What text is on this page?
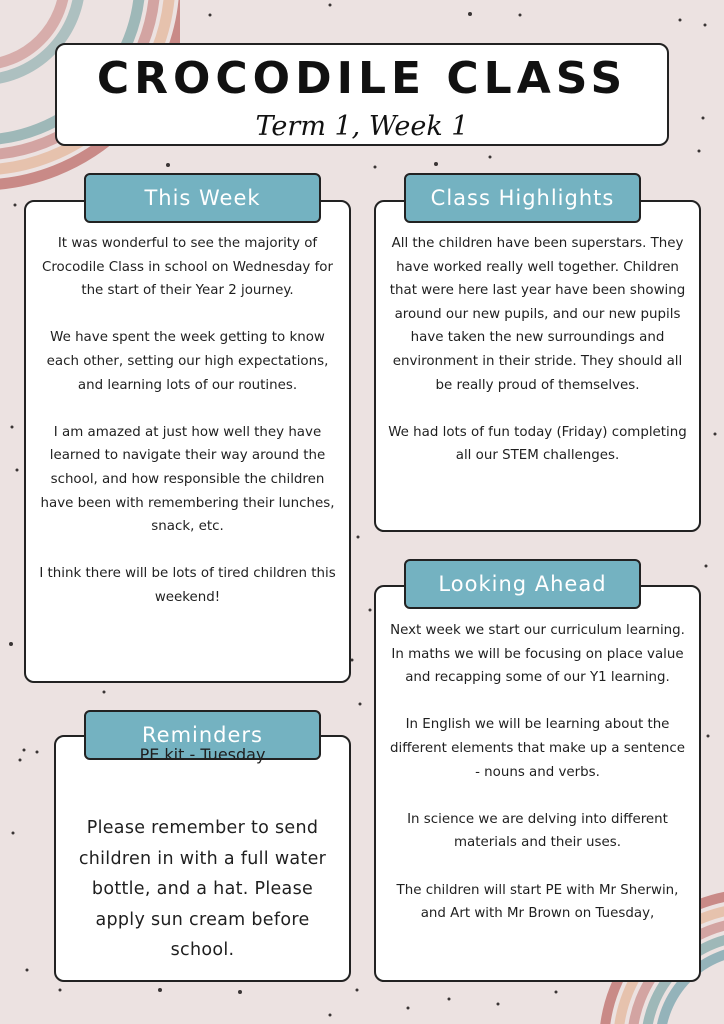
CROCODILE CLASS
Term 1, Week 1

It was wonderful to see the majority of Crocodile Class in school on Wednesday for the start of their Year 2 journey.

We have spent the week getting to know each other, setting our high expectations, and learning lots of our routines.

I am amazed at just how well they have learned to navigate their way around the school, and how responsible the children have been with remembering their lunches, snack, etc.

I think there will be lots of tired children this weekend!

This Week

All the children have been superstars. They have worked really well together. Children that were here last year have been showing around our new pupils, and our new pupils have taken the new surroundings and environment in their stride. They should all be really proud of themselves.

We had lots of fun today (Friday) completing all our STEM challenges.

Class Highlights

Next week we start our curriculum learning. In maths we will be focusing on place value and recapping some of our Y1 learning.

In English we will be learning about the different elements that make up a sentence - nouns and verbs.

In science we are delving into different materials and their uses.

The children will start PE with Mr Sherwin, and Art with Mr Brown on Tuesday,

Looking Ahead
PE kit - Tuesday
Please remember to send children in with a full water bottle, and a hat. Please apply sun cream before school.
Reminders
